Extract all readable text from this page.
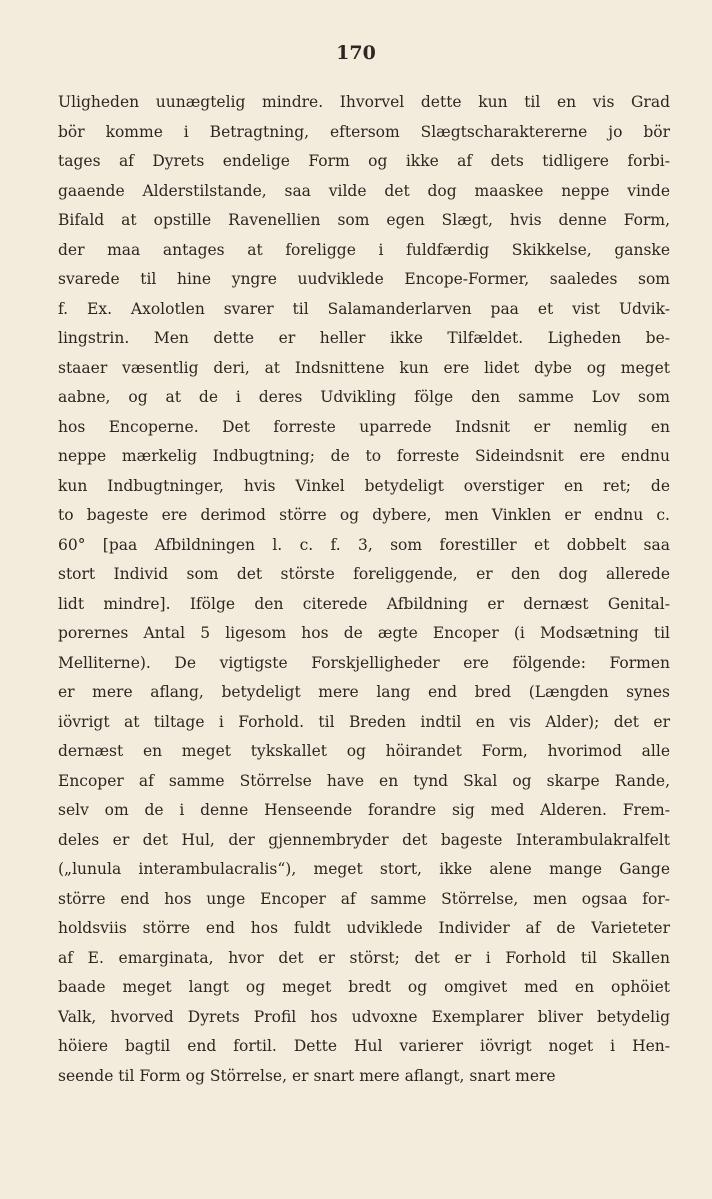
170
Uligheden uunægtelig mindre. Ihvorvel dette kun til en vis Grad
bör komme i Betragtning, eftersom Slægtscharaktererne jo bör
tages af Dyrets endelige Form og ikke af dets tidligere forbi-
gaaende Alderstilstande, saa vilde det dog maaskee neppe vinde
Bifald at opstille Ravenellien som egen Slægt, hvis denne Form,
der maa antages at foreligge i fuldfærdig Skikkelse, ganske
svarede til hine yngre uudviklede Encope-Former, saaledes som
f. Ex. Axolotlen svarer til Salamanderlarven paa et vist Udvik-
lingstrin. Men dette er heller ikke Tilfældet. Ligheden be-
staaer væsentlig deri, at Indsnittene kun ere lidet dybe og meget
aabne, og at de i deres Udvikling fölge den samme Lov som
hos Encoperne. Det forreste uparrede Indsnit er nemlig en
neppe mærkelig Indbugtning; de to forreste Sideindsnit ere endnu
kun Indbugtninger, hvis Vinkel betydeligt overstiger en ret; de
to bageste ere derimod större og dybere, men Vinklen er endnu c.
60° [paa Afbildningen l. c. f. 3, som forestiller et dobbelt saa
stort Individ som det störste foreliggende, er den dog allerede
lidt mindre]. Ifölge den citerede Afbildning er dernæst Genital-
porernes Antal 5 ligesom hos de ægte Encoper (i Modsætning til
Melliterne). De vigtigste Forskjelligheder ere fölgende: Formen
er mere aflang, betydeligt mere lang end bred (Længden synes
iövrigt at tiltage i Forhold. til Breden indtil en vis Alder); det er
dernæst en meget tykskallet og höirandet Form, hvorimod alle
Encoper af samme Störrelse have en tynd Skal og skarpe Rande,
selv om de i denne Henseende forandre sig med Alderen. Frem-
deles er det Hul, der gjennembryder det bageste Interambulakralfelt
(„lunula interambulacralis“), meget stort, ikke alene mange Gange
större end hos unge Encoper af samme Störrelse, men ogsaa for-
holdsviis större end hos fuldt udviklede Individer af de Varieteter
af E. emarginata, hvor det er störst; det er i Forhold til Skallen
baade meget langt og meget bredt og omgivet med en ophöiet
Valk, hvorved Dyrets Profil hos udvoxne Exemplarer bliver betydelig
höiere bagtil end fortil. Dette Hul varierer iövrigt noget i Hen-
seende til Form og Störrelse, er snart mere aflangt, snart mere
